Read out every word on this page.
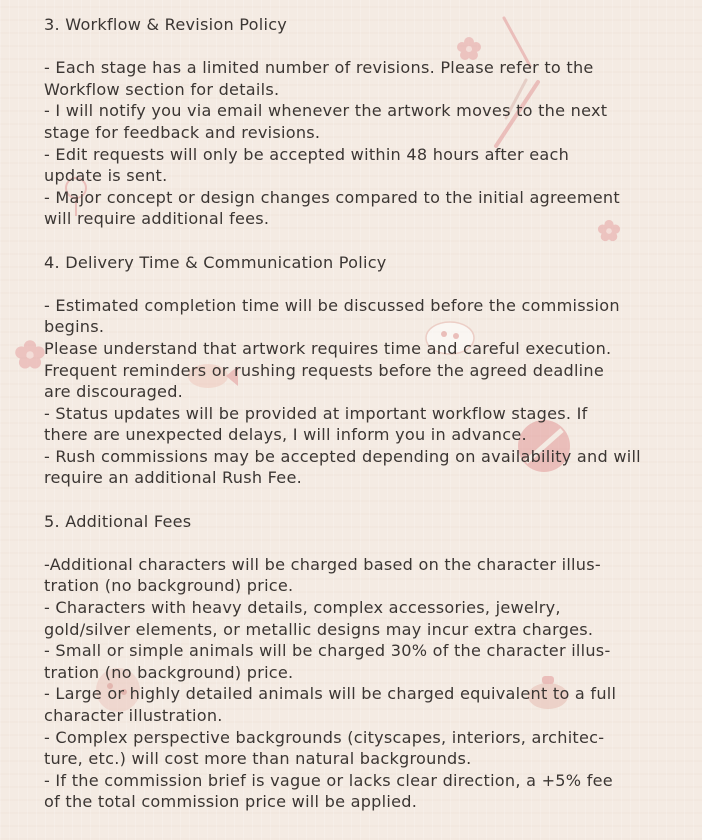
3. Workflow & Revision Policy

- Each stage has a limited number of revisions. Please refer to the

Workflow section for details.

- I will notify you via email whenever the artwork moves to the next

stage for feedback and revisions.

- Edit requests will only be accepted within 48 hours after each

update is sent.

- Major concept or design changes compared to the initial agreement

will require additional fees.

4. Delivery Time & Communication Policy

- Estimated completion time will be discussed before the commission

begins.

Please understand that artwork requires time and careful execution.

Frequent reminders or rushing requests before the agreed deadline

are discouraged.

- Status updates will be provided at important workflow stages. If

there are unexpected delays, I will inform you in advance.

- Rush commissions may be accepted depending on availability and will

require an additional Rush Fee.

5. Additional Fees

-Additional characters will be charged based on the character illus-

tration (no background) price.

- Characters with heavy details, complex accessories, jewelry,

gold/silver elements, or metallic designs may incur extra charges.

- Small or simple animals will be charged 30% of the character illus-

tration (no background) price.

- Large or highly detailed animals will be charged equivalent to a full

character illustration.

- Complex perspective backgrounds (cityscapes, interiors, architec-

ture, etc.) will cost more than natural backgrounds.

- If the commission brief is vague or lacks clear direction, a +5% fee

of the total commission price will be applied.
